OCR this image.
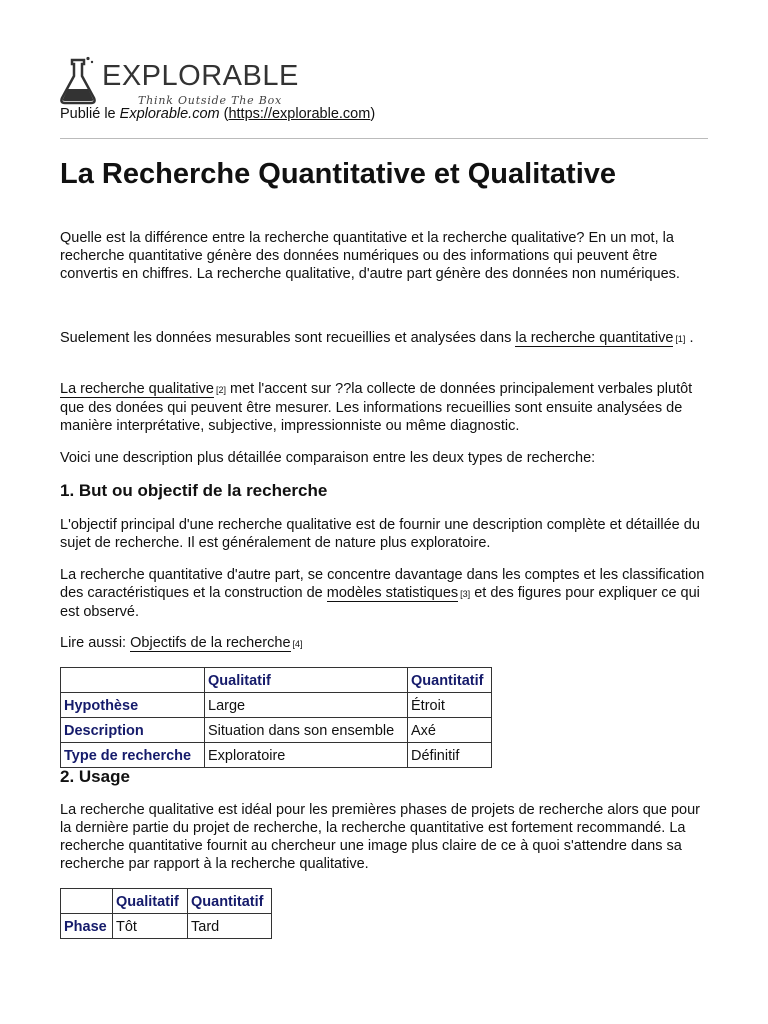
EXPLORABLE
Think Outside The Box
Publié le Explorable.com (https://explorable.com)
La Recherche Quantitative et Qualitative

Quelle est la différence entre la recherche quantitative et la recherche qualitative? En un mot, la recherche quantitative génère des données numériques ou des informations qui peuvent être convertis en chiffres. La recherche qualitative, d'autre part génère des données non numériques.

Suelement les données mesurables sont recueillies et analysées dans la recherche quantitative [1] .

La recherche qualitative [2] met l'accent sur ??la collecte de données principalement verbales plutôt que des donées qui peuvent être mesurer. Les informations recueillies sont ensuite analysées de manière interprétative, subjective, impressionniste ou même diagnostic.

Voici une description plus détaillée comparaison entre les deux types de recherche:

1. But ou objectif de la recherche

L'objectif principal d'une recherche qualitative est de fournir une description complète et détaillée du sujet de recherche. Il est généralement de nature plus exploratoire.

La recherche quantitative d'autre part, se concentre davantage dans les comptes et les classification des caractéristiques et la construction de modèles statistiques [3] et des figures pour expliquer ce qui est observé.

Lire aussi: Objectifs de la recherche [4]

	Qualitatif	Quantitatif
Hypothèse	Large	Étroit
Description	Situation dans son ensemble	Axé
Type de recherche	Exploratoire	Définitif
2. Usage

La recherche qualitative est idéal pour les premières phases de projets de recherche alors que pour la dernière partie du projet de recherche, la recherche quantitative est fortement recommandé. La recherche quantitative fournit au chercheur une image plus claire de ce à quoi s'attendre dans sa recherche par rapport à la recherche qualitative.

	Qualitatif	Quantitatif
Phase	Tôt	Tard
